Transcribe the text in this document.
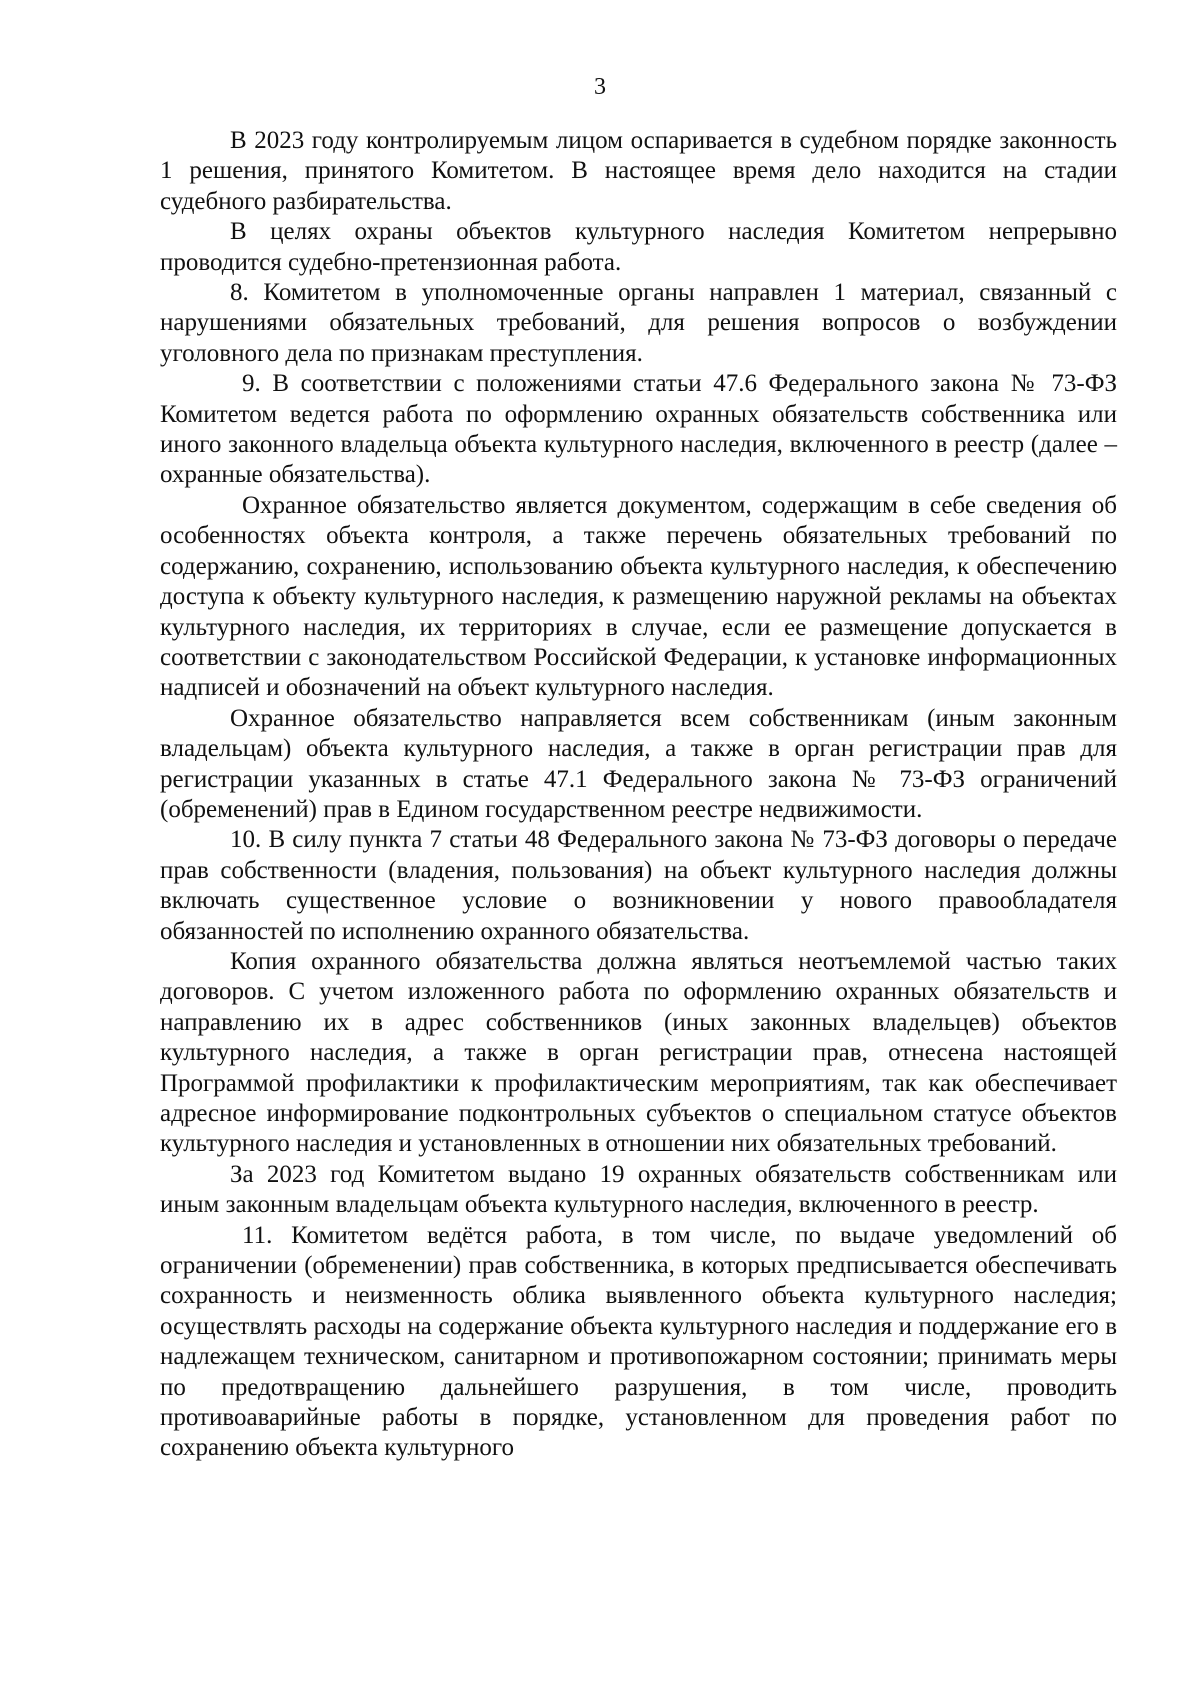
3

В 2023 году контролируемым лицом оспаривается в судебном порядке законность 1 решения, принятого Комитетом. В настоящее время дело находится на стадии судебного разбирательства.

В целях охраны объектов культурного наследия Комитетом непрерывно проводится судебно-претензионная работа.

8. Комитетом в уполномоченные органы направлен 1 материал, связанный с нарушениями обязательных требований, для решения вопросов о возбуждении уголовного дела по признакам преступления.

9. В соответствии с положениями статьи 47.6 Федерального закона № 73-ФЗ Комитетом ведется работа по оформлению охранных обязательств собственника или иного законного владельца объекта культурного наследия, включенного в реестр (далее – охранные обязательства).

Охранное обязательство является документом, содержащим в себе сведения об особенностях объекта контроля, а также перечень обязательных требований по содержанию, сохранению, использованию объекта культурного наследия, к обеспечению доступа к объекту культурного наследия, к размещению наружной рекламы на объектах культурного наследия, их территориях в случае, если ее размещение допускается в соответствии с законодательством Российской Федерации, к установке информационных надписей и обозначений на объект культурного наследия.

Охранное обязательство направляется всем собственникам (иным законным владельцам) объекта культурного наследия, а также в орган регистрации прав для регистрации указанных в статье 47.1 Федерального закона № 73-ФЗ ограничений (обременений) прав в Едином государственном реестре недвижимости.

10. В силу пункта 7 статьи 48 Федерального закона № 73-ФЗ договоры о передаче прав собственности (владения, пользования) на объект культурного наследия должны включать существенное условие о возникновении у нового правообладателя обязанностей по исполнению охранного обязательства.

Копия охранного обязательства должна являться неотъемлемой частью таких договоров. С учетом изложенного работа по оформлению охранных обязательств и направлению их в адрес собственников (иных законных владельцев) объектов культурного наследия, а также в орган регистрации прав, отнесена настоящей Программой профилактики к профилактическим мероприятиям, так как обеспечивает адресное информирование подконтрольных субъектов о специальном статусе объектов культурного наследия и установленных в отношении них обязательных требований.

За 2023 год Комитетом выдано 19 охранных обязательств собственникам или иным законным владельцам объекта культурного наследия, включенного в реестр.

11. Комитетом ведётся работа, в том числе, по выдаче уведомлений об ограничении (обременении) прав собственника, в которых предписывается обеспечивать сохранность и неизменность облика выявленного объекта культурного наследия; осуществлять расходы на содержание объекта культурного наследия и поддержание его в надлежащем техническом, санитарном и противопожарном состоянии; принимать меры по предотвращению дальнейшего разрушения, в том числе, проводить противоаварийные работы в порядке, установленном для проведения работ по сохранению объекта культурного
